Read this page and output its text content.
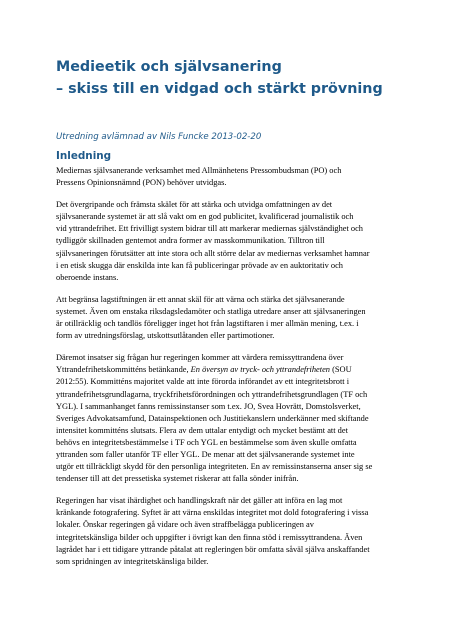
Medieetik och självsanering
– skiss till en vidgad och stärkt prövning

Utredning avlämnad av Nils Funcke 2013-02-20

Inledning

Mediernas självsanerande verksamhet med Allmänhetens Pressombudsman (PO) och
Pressens Opinionsnämnd (PON) behöver utvidgas.

Det övergripande och främsta skälet för att stärka och utvidga omfattningen av det
självsanerande systemet är att slå vakt om en god publicitet, kvalificerad journalistik och
vid yttrandefrihet. Ett frivilligt system bidrar till att markerar mediernas självständighet och
tydliggör skillnaden gentemot andra former av masskommunikation. Tilltron till
självsaneringen förutsätter att inte stora och allt större delar av mediernas verksamhet hamnar
i en etisk skugga där enskilda inte kan få publiceringar prövade av en auktoritativ och
oberoende instans.

Att begränsa lagstiftningen är ett annat skäl för att värna och stärka det självsanerande
systemet. Även om enstaka riksdagsledamöter och statliga utredare anser att självsaneringen
är otillräcklig och tandlös föreligger inget hot från lagstiftaren i mer allmän mening, t.ex. i
form av utredningsförslag, utskottsutlåtanden eller partimotioner.

Däremot insatser sig frågan hur regeringen kommer att värdera remissyttrandena över
Yttrandefrihetskommitténs betänkande, En översyn av tryck- och yttrandefriheten (SOU
2012:55). Kommitténs majoritet valde att inte förorda införandet av ett integritetsbrott i
yttrandefrihetsgrundlagarna, tryckfrihetsförordningen och yttrandefrihetsgrundlagen (TF och
YGL). I sammanhanget fanns remissinstanser som t.ex. JO, Svea Hovrätt, Domstolsverket,
Sveriges Advokatsamfund, Datainspektionen och Justitiekanslern underkänner med skiftande
intensitet kommitténs slutsats. Flera av dem uttalar entydigt och mycket bestämt att det
behövs en integritetsbestämmelse i TF och YGL en bestämmelse som även skulle omfatta
yttranden som faller utanför TF eller YGL. De menar att det självsanerande systemet inte
utgör ett tillräckligt skydd för den personliga integriteten. En av remissinstanserna anser sig se
tendenser till att det pressetiska systemet riskerar att falla sönder inifrån.

Regeringen har visat ihärdighet och handlingskraft när det gäller att införa en lag mot
kränkande fotografering. Syftet är att värna enskildas integritet mot dold fotografering i vissa
lokaler. Önskar regeringen gå vidare och även straffbelägga publiceringen av
integritetskänsliga bilder och uppgifter i övrigt kan den finna stöd i remissyttrandena. Även
lagrådet har i ett tidigare yttrande påtalat att regleringen bör omfatta såväl själva anskaffandet
som spridningen av integritetskänsliga bilder.
